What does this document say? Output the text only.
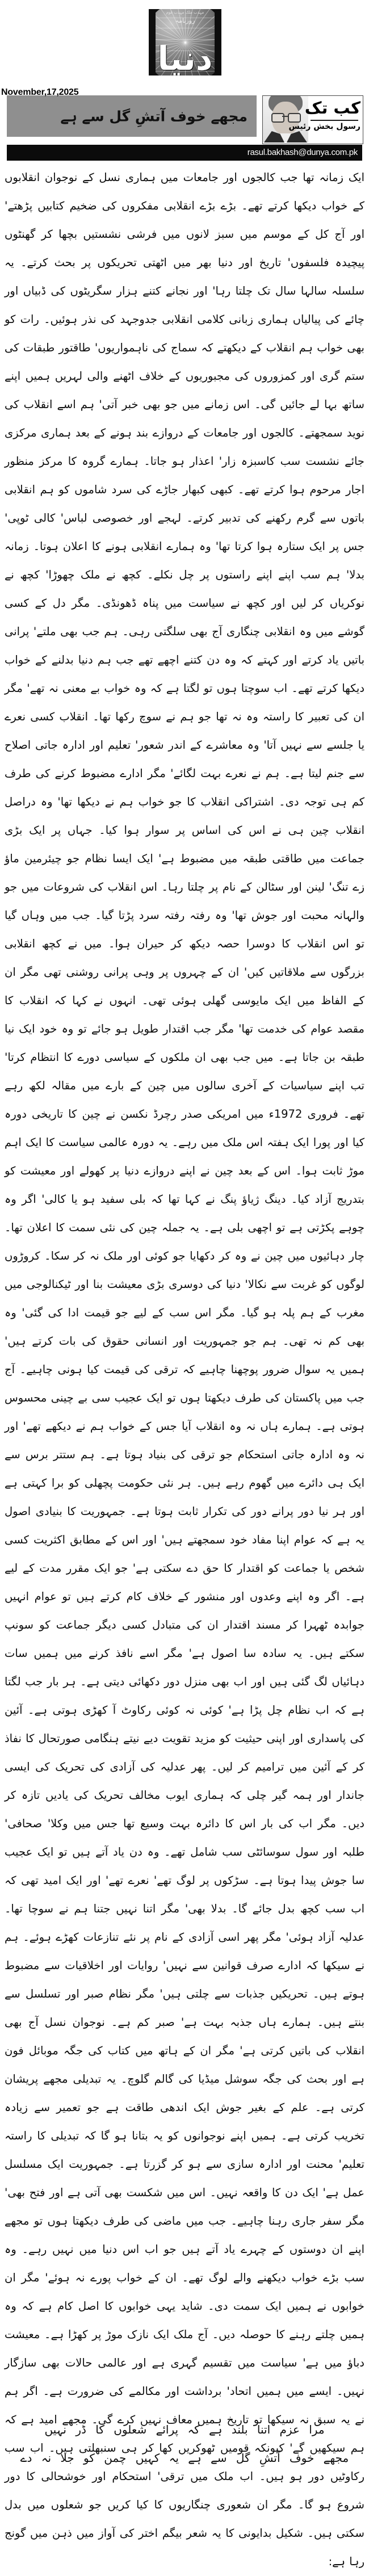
مہذب ملک مہذب قوم
روزنامہ
دنیا
مجھے خوف آتشِ گل سے ہے
November,17,2025
کب تک
رسول بخش رئیس
rasul.bakhash@dunya.com.pk

ایک زمانہ تھا جب کالجوں اور جامعات میں ہماری نسل کے نوجوان انقلابوں کے خواب دیکھا کرتے تھے۔ بڑے بڑے انقلابی مفکروں کی ضخیم کتابیں پڑھتے' اور آج کل کے موسم میں سبز لانوں میں فرشی نشستیں بچھا کر گھنٹوں پیچیدہ فلسفوں' تاریخ اور دنیا بھر میں اٹھتی تحریکوں پر بحث کرتے۔ یہ سلسلہ سالہا سال تک چلتا رہا' اور نجانے کتنے ہزار سگریٹوں کی ڈبیاں اور چائے کی پیالیاں ہماری زبانی کلامی انقلابی جدوجہد کی نذر ہوئیں۔ رات کو بھی خواب ہم انقلاب کے دیکھتے کہ سماج کی ناہمواریوں' طاقتور طبقات کی ستم گری اور کمزوروں کی مجبوریوں کے خلاف اٹھنے والی لہریں ہمیں اپنے ساتھ بہا لے جائیں گی۔ اس زمانے میں جو بھی خبر آتی' ہم اسے انقلاب کی نوید سمجھتے۔ کالجوں اور جامعات کے دروازے بند ہونے کے بعد ہماری مرکزی جائے نشست سب کاسبزہ زار' اعذار ہو جاتا۔ ہمارے گروہ کا مرکز منظور اجار مرحوم ہوا کرتے تھے۔ کبھی کبھار جاڑے کی سرد شاموں کو ہم انقلابی باتوں سے گرم رکھنے کی تدبیر کرتے۔ لہجے اور خصوصی لباس' کالی ٹوپی' جس پر ایک ستارہ ہوا کرتا تھا' وہ ہمارے انقلابی ہونے کا اعلان ہوتا۔ زمانہ بدلا' ہم سب اپنے اپنے راستوں پر چل نکلے۔ کچھ نے ملک چھوڑا' کچھ نے نوکریاں کر لیں اور کچھ نے سیاست میں پناہ ڈھونڈی۔ مگر دل کے کسی گوشے میں وہ انقلابی چنگاری آج بھی سلگتی رہی۔ ہم جب بھی ملتے' پرانی باتیں یاد کرتے اور کہتے کہ وہ دن کتنے اچھے تھے جب ہم دنیا بدلنے کے خواب دیکھا کرتے تھے۔ اب سوچتا ہوں تو لگتا ہے کہ وہ خواب بے معنی نہ تھے' مگر ان کی تعبیر کا راستہ وہ نہ تھا جو ہم نے سوچ رکھا تھا۔ انقلاب کسی نعرے یا جلسے سے نہیں آتا' وہ معاشرے کے اندر شعور' تعلیم اور ادارہ جاتی اصلاح سے جنم لیتا ہے۔ ہم نے نعرے بہت لگائے' مگر ادارے مضبوط کرنے کی طرف کم ہی توجہ دی۔ اشتراکی انقلاب کا جو خواب ہم نے دیکھا تھا' وہ دراصل انقلاب چین ہی نے اس کی اساس پر سوار ہوا کیا۔ جہاں پر ایک بڑی جماعت میں طاقتی طبقہ میں مضبوط ہے' ایک ایسا نظام جو چیئرمین ماؤ زے تنگ' لینن اور سٹالن کے نام پر چلتا رہا۔ اس انقلاب کی شروعات میں جو والہانہ محبت اور جوش تھا' وہ رفتہ رفتہ سرد پڑتا گیا۔ جب میں وہاں گیا تو اس انقلاب کا دوسرا حصہ دیکھ کر حیران ہوا۔ میں نے کچھ انقلابی بزرگوں سے ملاقاتیں کیں' ان کے چہروں پر وہی پرانی روشنی تھی مگر ان کے الفاظ میں ایک مایوسی گھلی ہوئی تھی۔ انہوں نے کہا کہ انقلاب کا مقصد عوام کی خدمت تھا' مگر جب اقتدار طویل ہو جائے تو وہ خود ایک نیا طبقہ بن جاتا ہے۔ میں جب بھی ان ملکوں کے سیاسی دورے کا انتظام کرتا' تب اپنے سیاسیات کے آخری سالوں میں چین کے بارے میں مقالہ لکھ رہے تھے۔ فروری 1972ء میں امریکی صدر رچرڈ نکسن نے چین کا تاریخی دورہ کیا اور پورا ایک ہفتہ اس ملک میں رہے۔ یہ دورہ عالمی سیاست کا ایک اہم موڑ ثابت ہوا۔ اس کے بعد چین نے اپنے دروازے دنیا پر کھولے اور معیشت کو بتدریج آزاد کیا۔ دینگ ژیاؤ پنگ نے کہا تھا کہ بلی سفید ہو یا کالی' اگر وہ چوہے پکڑتی ہے تو اچھی بلی ہے۔ یہ جملہ چین کی نئی سمت کا اعلان تھا۔ چار دہائیوں میں چین نے وہ کر دکھایا جو کوئی اور ملک نہ کر سکا۔ کروڑوں لوگوں کو غربت سے نکالا' دنیا کی دوسری بڑی معیشت بنا اور ٹیکنالوجی میں مغرب کے ہم پلہ ہو گیا۔ مگر اس سب کے لیے جو قیمت ادا کی گئی' وہ بھی کم نہ تھی۔ ہم جو جمہوریت اور انسانی حقوق کی بات کرتے ہیں' ہمیں یہ سوال ضرور پوچھنا چاہیے کہ ترقی کی قیمت کیا ہونی چاہیے۔ آج جب میں پاکستان کی طرف دیکھتا ہوں تو ایک عجیب سی بے چینی محسوس ہوتی ہے۔ ہمارے ہاں نہ وہ انقلاب آیا جس کے خواب ہم نے دیکھے تھے' اور نہ وہ ادارہ جاتی استحکام جو ترقی کی بنیاد ہوتا ہے۔ ہم ستتر برس سے ایک ہی دائرے میں گھوم رہے ہیں۔ ہر نئی حکومت پچھلی کو برا کہتی ہے اور ہر نیا دور پرانے دور کی تکرار ثابت ہوتا ہے۔ جمہوریت کا بنیادی اصول یہ ہے کہ عوام اپنا مفاد خود سمجھتے ہیں' اور اس کے مطابق اکثریت کسی شخص یا جماعت کو اقتدار کا حق دے سکتی ہے' جو ایک مقرر مدت کے لیے ہے۔ اگر وہ اپنے وعدوں اور منشور کے خلاف کام کرتے ہیں تو عوام انہیں جوابدہ ٹھہرا کر مسند اقتدار ان کی متبادل کسی دیگر جماعت کو سونپ سکتے ہیں۔ یہ سادہ سا اصول ہے' مگر اسے نافذ کرنے میں ہمیں سات دہائیاں لگ گئی ہیں اور اب بھی منزل دور دکھائی دیتی ہے۔ ہر بار جب لگتا ہے کہ اب نظام چل پڑا ہے' کوئی نہ کوئی رکاوٹ آ کھڑی ہوتی ہے۔ آئین کی پاسداری اور اپنی حیثیت کو مزید تقویت دیے نیتے ہنگامی صورتحال کا نفاذ کر کے آئین میں ترامیم کر لیں۔ پھر عدلیہ کی آزادی کی تحریک کی ایسی جاندار اور ہمہ گیر چلی کہ ہماری ایوب مخالف تحریک کی یادیں تازہ کر دیں۔ مگر اب کی بار اس کا دائرہ بہت وسیع تھا جس میں وکلا' صحافی' طلبہ اور سول سوسائٹی سب شامل تھے۔ وہ دن یاد آتے ہیں تو ایک عجیب سا جوش پیدا ہوتا ہے۔ سڑکوں پر لوگ تھے' نعرے تھے' اور ایک امید تھی کہ اب سب کچھ بدل جائے گا۔ بدلا بھی' مگر اتنا نہیں جتنا ہم نے سوچا تھا۔ عدلیہ آزاد ہوئی' مگر پھر اسی آزادی کے نام پر نئے تنازعات کھڑے ہوئے۔ ہم نے سیکھا کہ ادارے صرف قوانین سے نہیں' روایات اور اخلاقیات سے مضبوط ہوتے ہیں۔ تحریکیں جذبات سے چلتی ہیں' مگر نظام صبر اور تسلسل سے بنتے ہیں۔ ہمارے ہاں جذبہ بہت ہے' صبر کم ہے۔ نوجوان نسل آج بھی انقلاب کی باتیں کرتی ہے' مگر ان کے ہاتھ میں کتاب کی جگہ موبائل فون ہے اور بحث کی جگہ سوشل میڈیا کی گالم گلوچ۔ یہ تبدیلی مجھے پریشان کرتی ہے۔ علم کے بغیر جوش ایک اندھی طاقت ہے جو تعمیر سے زیادہ تخریب کرتی ہے۔ ہمیں اپنے نوجوانوں کو یہ بتانا ہو گا کہ تبدیلی کا راستہ تعلیم' محنت اور ادارہ سازی سے ہو کر گزرتا ہے۔ جمہوریت ایک مسلسل عمل ہے' ایک دن کا واقعہ نہیں۔ اس میں شکست بھی آتی ہے اور فتح بھی' مگر سفر جاری رہنا چاہیے۔ جب میں ماضی کی طرف دیکھتا ہوں تو مجھے اپنے ان دوستوں کے چہرے یاد آتے ہیں جو اب اس دنیا میں نہیں رہے۔ وہ سب بڑے خواب دیکھنے والے لوگ تھے۔ ان کے خواب پورے نہ ہوئے' مگر ان خوابوں نے ہمیں ایک سمت دی۔ شاید یہی خوابوں کا اصل کام ہے کہ وہ ہمیں چلتے رہنے کا حوصلہ دیں۔ آج ملک ایک نازک موڑ پر کھڑا ہے۔ معیشت دباؤ میں ہے' سیاست میں تقسیم گہری ہے اور عالمی حالات بھی سازگار نہیں۔ ایسے میں ہمیں اتحاد' برداشت اور مکالمے کی ضرورت ہے۔ اگر ہم نے یہ سبق نہ سیکھا تو تاریخ ہمیں معاف نہیں کرے گی۔ مجھے امید ہے کہ ہم سیکھیں گے' کیونکہ قومیں ٹھوکریں کھا کر ہی سنبھلتی ہیں۔ اب سب رکاوٹیں دور ہو ہیں۔ اب ملک میں ترقی' استحکام اور خوشحالی کا دور شروع ہو گا۔ مگر ان شعوری چنگاریوں کا کیا کریں جو شعلوں میں بدل سکتی ہیں۔ شکیل بدایونی کا یہ شعر بیگم اختر کی آواز میں ذہن میں گونج رہا ہے:

مرا عزم اتنا بلند ہے کہ پرائے شعلوں کا ڈر نہیں
مجھے خوف آتشِ گل سے ہے یہ کہیں چمن کو جلا نہ دے
